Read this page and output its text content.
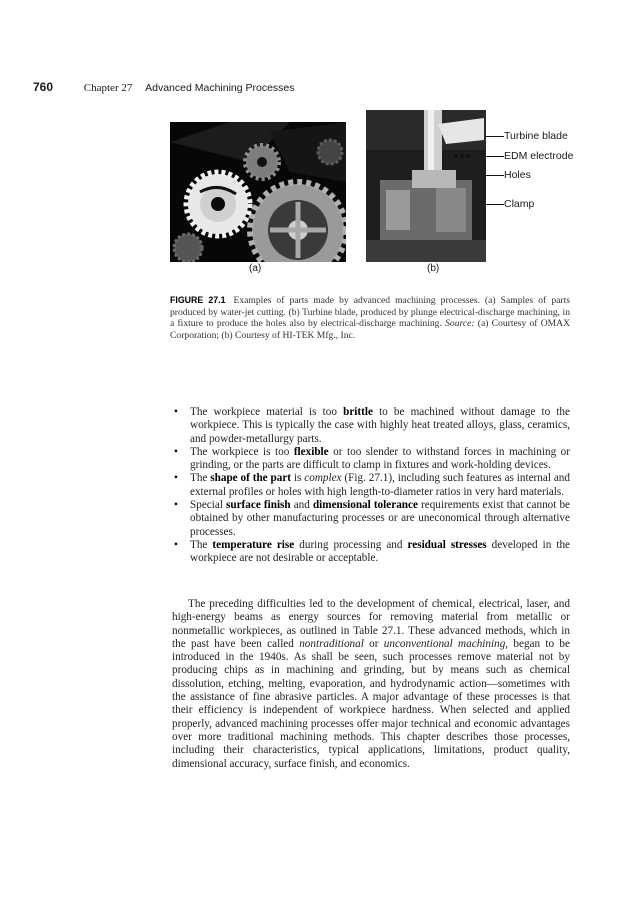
760	Chapter 27 Advanced Machining Processes
Turbine blade
EDM electrode
Holes
Clamp
(a)	(b)
FIGURE 27.1 Examples of parts made by advanced machining processes. (a) Samples of parts produced by water-jet cutting. (b) Turbine blade, produced by plunge electrical-discharge machining, in a fixture to produce the holes also by electrical-discharge machining. Source: (a) Courtesy of OMAX Corporation; (b) Courtesy of HI-TEK Mfg., Inc.
• The workpiece material is too brittle to be machined without damage to the workpiece. This is typically the case with highly heat treated alloys, glass, ceramics, and powder-metallurgy parts.
• The workpiece is too flexible or too slender to withstand forces in machining or grinding, or the parts are difficult to clamp in fixtures and work-holding devices.
• The shape of the part is complex (Fig. 27.1), including such features as internal and external profiles or holes with high length-to-diameter ratios in very hard materials.
• Special surface finish and dimensional tolerance requirements exist that cannot be obtained by other manufacturing processes or are uneconomical through alternative processes.
• The temperature rise during processing and residual stresses developed in the workpiece are not desirable or acceptable.

The preceding difficulties led to the development of chemical, electrical, laser, and high-energy beams as energy sources for removing material from metallic or nonmetallic workpieces, as outlined in Table 27.1. These advanced methods, which in the past have been called nontraditional or unconventional machining, began to be introduced in the 1940s. As shall be seen, such processes remove material not by producing chips as in machining and grinding, but by means such as chemical dissolution, etching, melting, evaporation, and hydrodynamic action—sometimes with the assistance of fine abrasive particles. A major advantage of these processes is that their efficiency is independent of workpiece hardness. When selected and applied properly, advanced machining processes offer major technical and economic advantages over more traditional machining methods. This chapter describes those processes, including their characteristics, typical applications, limitations, product quality, dimensional accuracy, surface finish, and economics.
